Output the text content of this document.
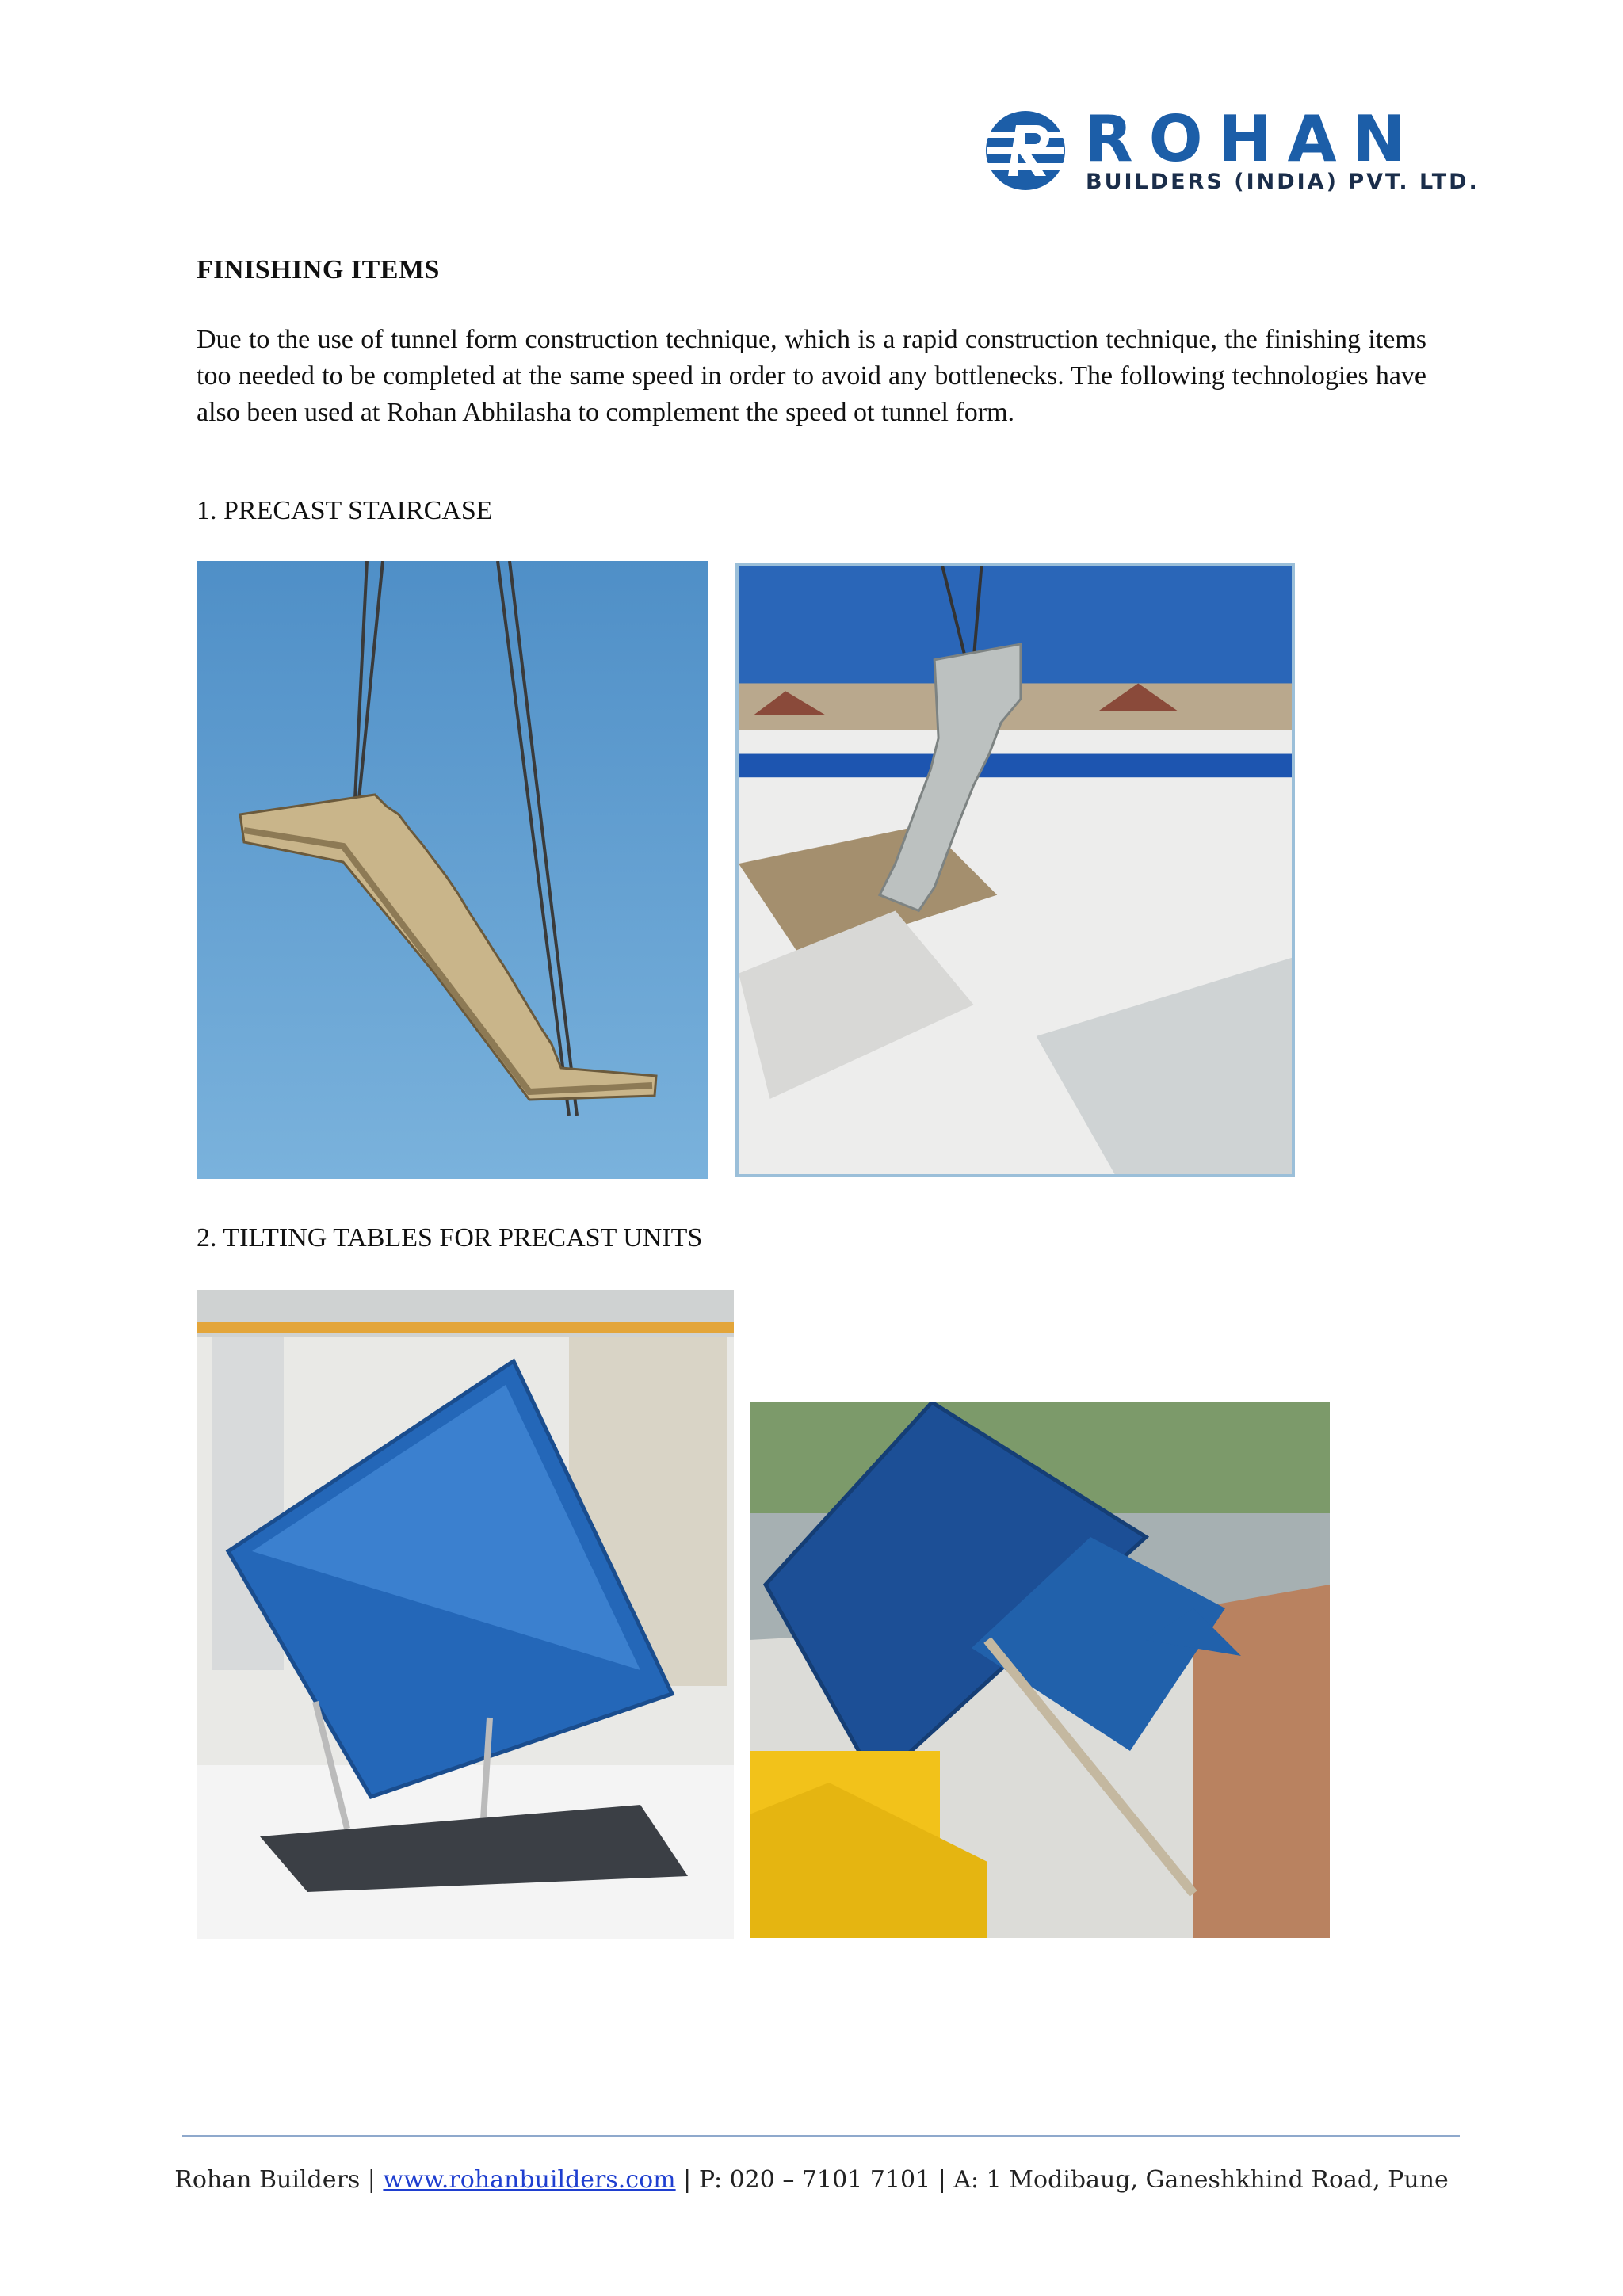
ROHAN
BUILDERS (INDIA) PVT. LTD.
FINISHING ITEMS

Due to the use of tunnel form construction technique, which is a rapid construction technique, the finishing items too needed to be completed at the same speed in order to avoid any bottlenecks. The following technologies have also been used at Rohan Abhilasha to complement the speed ot tunnel form.

1. PRECAST STAIRCASE
2. TILTING TABLES FOR PRECAST UNITS
Rohan Builders | www.rohanbuilders.com | P: 020 – 7101 7101 | A: 1 Modibaug, Ganeshkhind Road, Pune
